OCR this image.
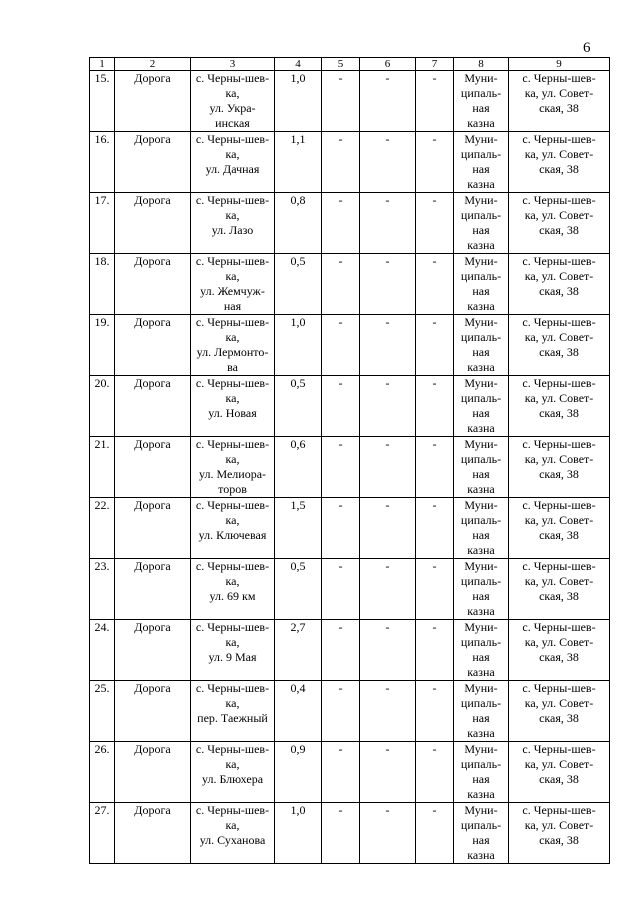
6
1	2	3	4	5	6	7	8	9
15.	Дорога	с. Черны-шев-
ка,
ул. Укра-
инская	1,0	-	-	-	Муни-
ципаль-
ная
казна	с. Черны-шев-
ка, ул. Совет-
ская, 38

16.	Дорога	с. Черны-шев-
ка,
ул. Дачная	1,1	-	-	-	Муни-
ципаль-
ная
казна	с. Черны-шев-
ка, ул. Совет-
ская, 38

17.	Дорога	с. Черны-шев-
ка,
ул. Лазо	0,8	-	-	-	Муни-
ципаль-
ная
казна	с. Черны-шев-
ка, ул. Совет-
ская, 38

18.	Дорога	с. Черны-шев-
ка,
ул. Жемчуж-
ная	0,5	-	-	-	Муни-
ципаль-
ная
казна	с. Черны-шев-
ка, ул. Совет-
ская, 38

19.	Дорога	с. Черны-шев-
ка,
ул. Лермонто-
ва	1,0	-	-	-	Муни-
ципаль-
ная
казна	с. Черны-шев-
ка, ул. Совет-
ская, 38

20.	Дорога	с. Черны-шев-
ка,
ул. Новая	0,5	-	-	-	Муни-
ципаль-
ная
казна	с. Черны-шев-
ка, ул. Совет-
ская, 38

21.	Дорога	с. Черны-шев-
ка,
ул. Мелиора-
торов	0,6	-	-	-	Муни-
ципаль-
ная
казна	с. Черны-шев-
ка, ул. Совет-
ская, 38

22.	Дорога	с. Черны-шев-
ка,
ул. Ключевая	1,5	-	-	-	Муни-
ципаль-
ная
казна	с. Черны-шев-
ка, ул. Совет-
ская, 38

23.	Дорога	с. Черны-шев-
ка,
ул. 69 км	0,5	-	-	-	Муни-
ципаль-
ная
казна	с. Черны-шев-
ка, ул. Совет-
ская, 38

24.	Дорога	с. Черны-шев-
ка,
ул. 9 Мая	2,7	-	-	-	Муни-
ципаль-
ная
казна	с. Черны-шев-
ка, ул. Совет-
ская, 38

25.	Дорога	с. Черны-шев-
ка,
пер. Таежный	0,4	-	-	-	Муни-
ципаль-
ная
казна	с. Черны-шев-
ка, ул. Совет-
ская, 38

26.	Дорога	с. Черны-шев-
ка,
ул. Блюхера	0,9	-	-	-	Муни-
ципаль-
ная
казна	с. Черны-шев-
ка, ул. Совет-
ская, 38

27.	Дорога	с. Черны-шев-
ка,
ул. Суханова	1,0	-	-	-	Муни-
ципаль-
ная
казна	с. Черны-шев-
ка, ул. Совет-
ская, 38
